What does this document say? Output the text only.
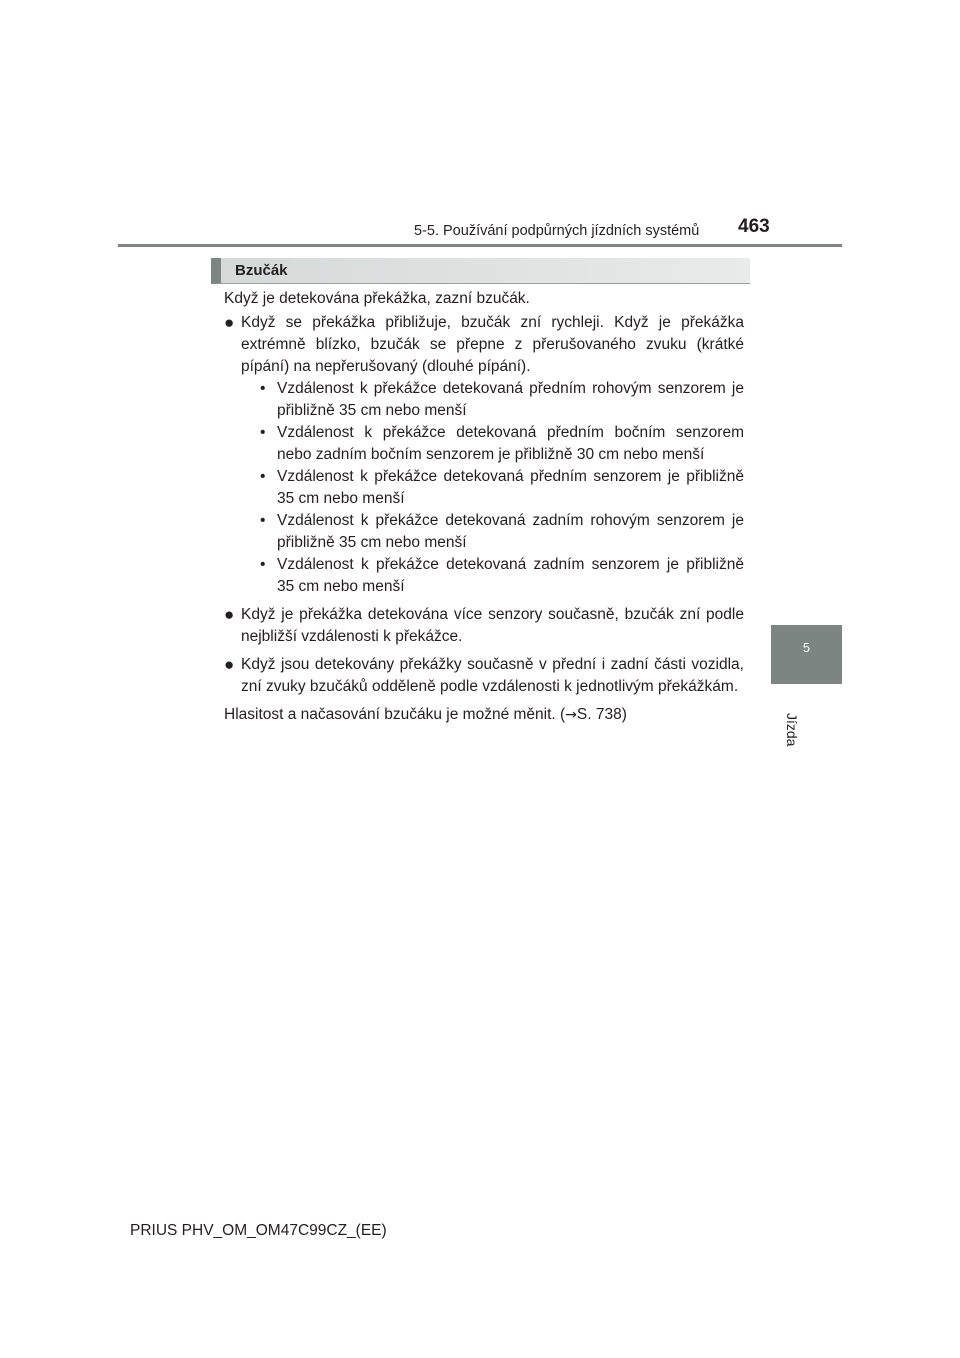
5-5. Používání podpůrných jízdních systémů 463
5
Jízda
Bzučák

Když je detekována překážka, zazní bzučák.

● Když se překážka přibližuje, bzučák zní rychleji. Když je překážka extrémně blízko, bzučák se přepne z přerušovaného zvuku (krátké pípání) na nepřerušovaný (dlouhé pípání).

• Vzdálenost k překážce detekovaná předním rohovým senzorem je přibližně 35 cm nebo menší
• Vzdálenost k překážce detekovaná předním bočním senzorem nebo zadním bočním senzorem je přibližně 30 cm nebo menší
• Vzdálenost k překážce detekovaná předním senzorem je přibližně 35 cm nebo menší
• Vzdálenost k překážce detekovaná zadním rohovým senzorem je přibližně 35 cm nebo menší
• Vzdálenost k překážce detekovaná zadním senzorem je přibližně 35 cm nebo menší
● Když je překážka detekována více senzory současně, bzučák zní podle nejbližší vzdálenosti k překážce.

● Když jsou detekovány překážky současně v přední i zadní části vozidla, zní zvuky bzučáků odděleně podle vzdálenosti k jednotlivým překážkám.

Hlasitost a načasování bzučáku je možné měnit. (→S. 738)

PRIUS PHV_OM_OM47C99CZ_(EE)
